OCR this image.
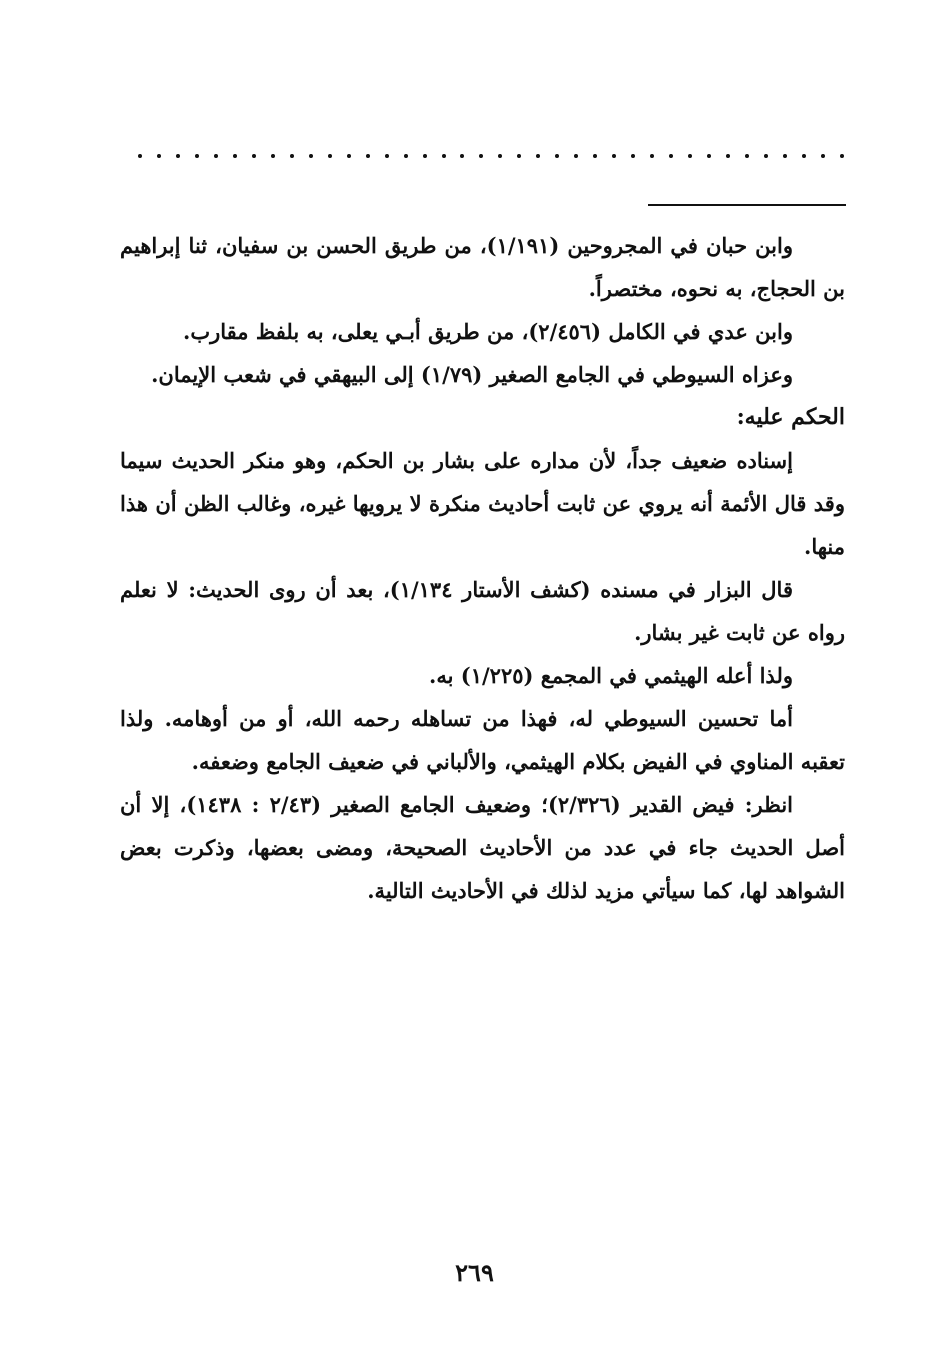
وابن حبان في المجروحين (١/١٩١)، من طريق الحسن بن سفيان، ثنا إبراهيم بن الحجاج، به نحوه، مختصراً.

وابن عدي في الكامل (٢/٤٥٦)، من طريق أبـي يعلى، به بلفظ مقارب.

وعزاه السيوطي في الجامع الصغير (١/٧٩) إلى البيهقي في شعب الإيمان.

الحكم عليه:

إسناده ضعيف جداً، لأن مداره على بشار بن الحكم، وهو منكر الحديث سيما وقد قال الأئمة أنه يروي عن ثابت أحاديث منكرة لا يرويها غيره، وغالب الظن أن هذا منها.

قال البزار في مسنده (كشف الأستار ١/١٣٤)، بعد أن روى الحديث: لا نعلم رواه عن ثابت غير بشار.

ولذا أعله الهيثمي في المجمع (١/٢٢٥) به.

أما تحسين السيوطي له، فهذا من تساهله رحمه الله، أو من أوهامه. ولذا تعقبه المناوي في الفيض بكلام الهيثمي، والألباني في ضعيف الجامع وضعفه.

انظر: فيض القدير (٢/٣٢٦)؛ وضعيف الجامع الصغير (٢/٤٣ : ١٤٣٨)، إلا أن أصل الحديث جاء في عدد من الأحاديث الصحيحة، ومضى بعضها، وذكرت بعض الشواهد لها، كما سيأتي مزيد لذلك في الأحاديث التالية.

٢٦٩
